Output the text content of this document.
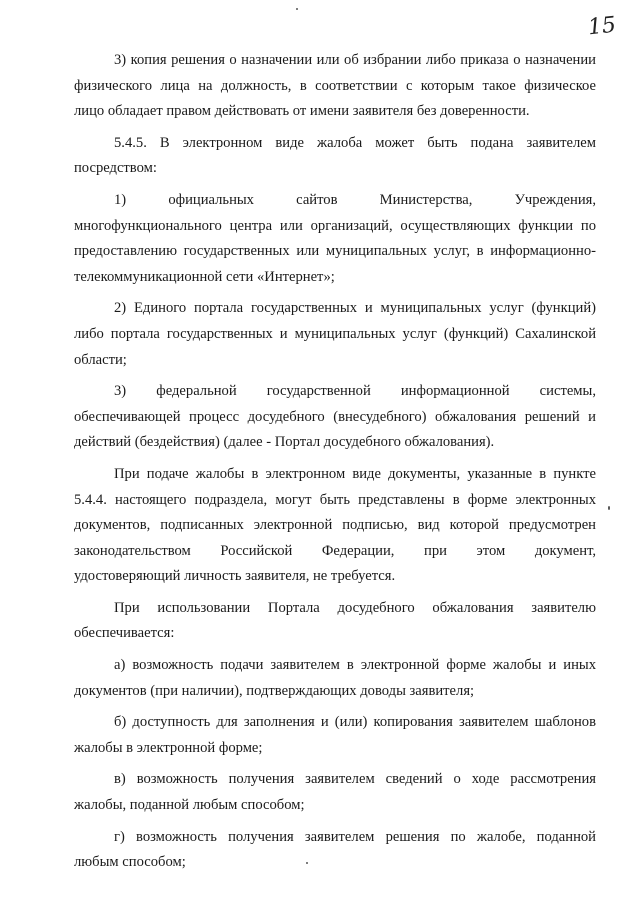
15
3) копия решения о назначении или об избрании либо приказа о назначении
физического лица на должность, в соответствии с которым такое физическое
лицо обладает правом действовать от имени заявителя без доверенности.
5.4.5. В электронном виде жалоба может быть подана заявителем
посредством:
1) официальных сайтов Министерства, Учреждения,
многофункционального центра или организаций, осуществляющих функции по
предоставлению государственных или муниципальных услуг, в информационно-
телекоммуникационной сети «Интернет»;
2) Единого портала государственных и муниципальных услуг (функций)
либо портала государственных и муниципальных услуг (функций) Сахалинской
области;
3) федеральной государственной информационной системы,
обеспечивающей процесс досудебного (внесудебного) обжалования решений и
действий (бездействия) (далее - Портал досудебного обжалования).
При подаче жалобы в электронном виде документы, указанные в пункте
5.4.4. настоящего подраздела, могут быть представлены в форме электронных
документов, подписанных электронной подписью, вид которой предусмотрен
законодательством Российской Федерации, при этом документ,
удостоверяющий личность заявителя, не требуется.
При использовании Портала досудебного обжалования заявителю
обеспечивается:
а) возможность подачи заявителем в электронной форме жалобы и иных
документов (при наличии), подтверждающих доводы заявителя;
б) доступность для заполнения и (или) копирования заявителем шаблонов
жалобы в электронной форме;
в) возможность получения заявителем сведений о ходе рассмотрения
жалобы, поданной любым способом;
г) возможность получения заявителем решения по жалобе, поданной
любым способом;
